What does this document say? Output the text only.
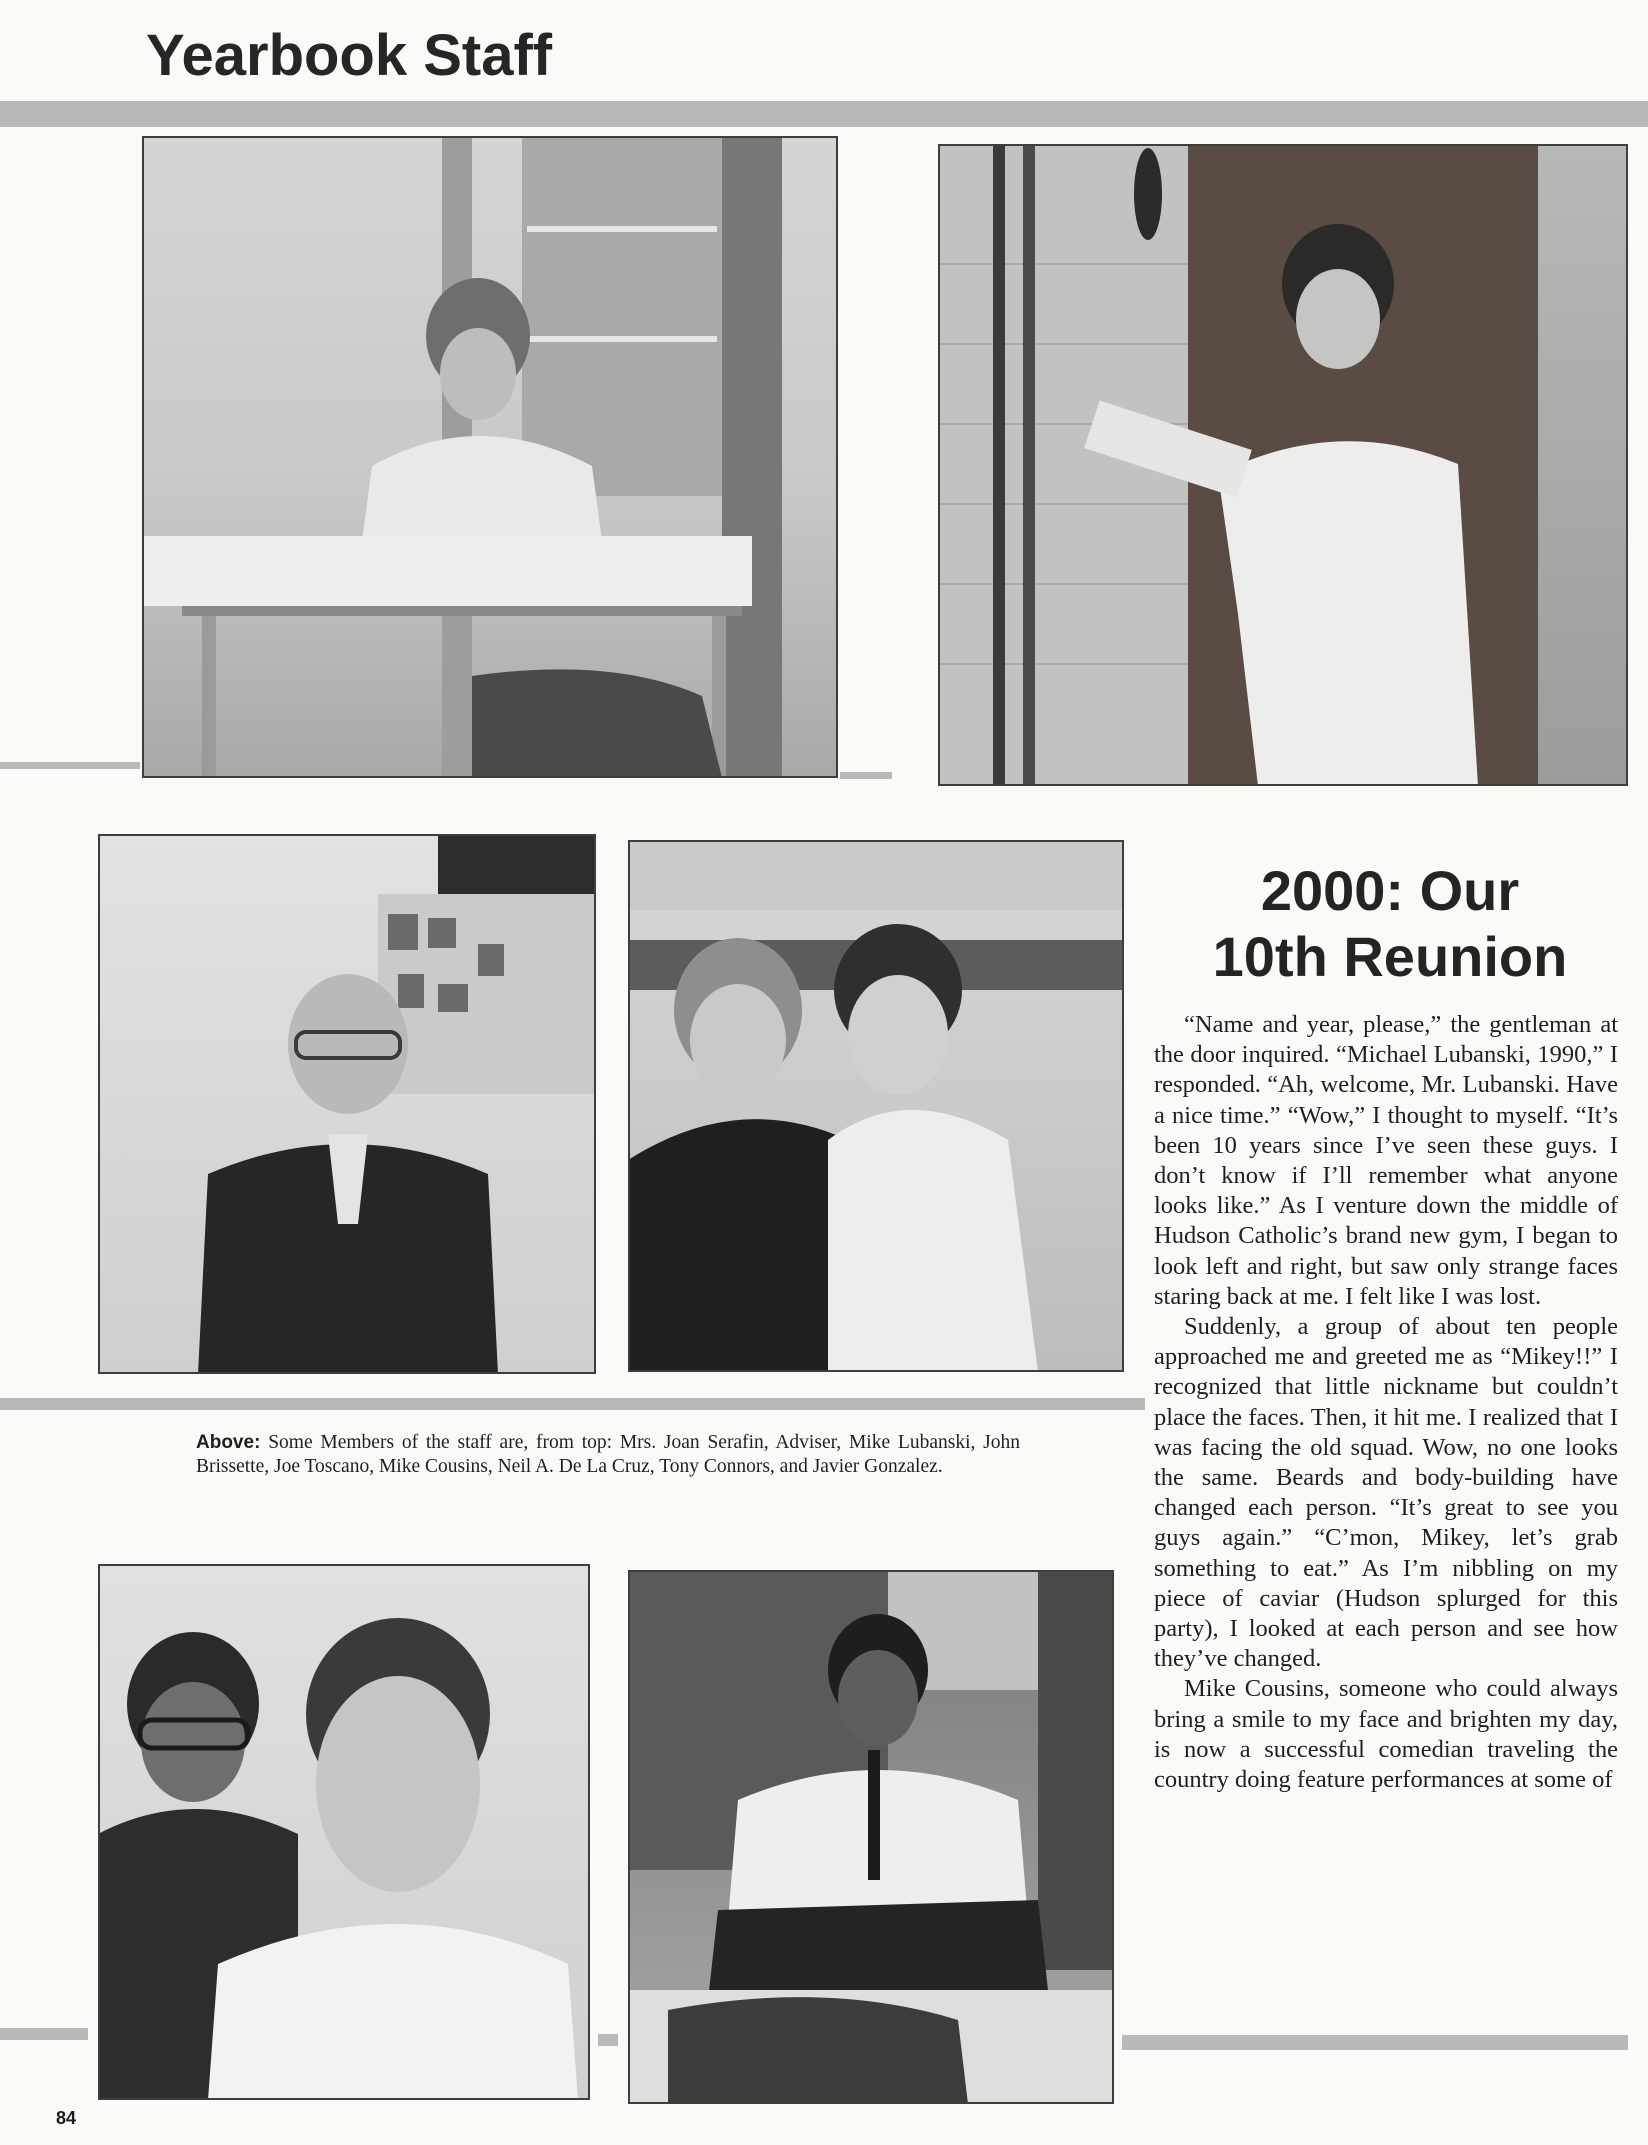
Yearbook Staff
2000: Our
10th Reunion

“Name and year, please,” the gentleman at the door inquired. “Michael Lubanski, 1990,” I responded. “Ah, welcome, Mr. Lubanski. Have a nice time.” “Wow,” I thought to myself. “It’s been 10 years since I’ve seen these guys. I don’t know if I’ll remember what anyone looks like.” As I venture down the middle of Hudson Catholic’s brand new gym, I began to look left and right, but saw only strange faces staring back at me. I felt like I was lost.

Suddenly, a group of about ten people approached me and greeted me as “Mikey!!” I recognized that little nickname but couldn’t place the faces. Then, it hit me. I realized that I was facing the old squad. Wow, no one looks the same. Beards and body-building have changed each person. “It’s great to see you guys again.” “C’mon, Mikey, let’s grab something to eat.” As I’m nibbling on my piece of caviar (Hudson splurged for this party), I looked at each person and see how they’ve changed.

Mike Cousins, someone who could always bring a smile to my face and brighten my day, is now a successful comedian traveling the country doing feature performances at some of

Above: Some Members of the staff are, from top: Mrs. Joan Serafin, Adviser, Mike Lubanski, John Brissette, Joe Toscano, Mike Cousins, Neil A. De La Cruz, Tony Connors, and Javier Gonzalez.
84
